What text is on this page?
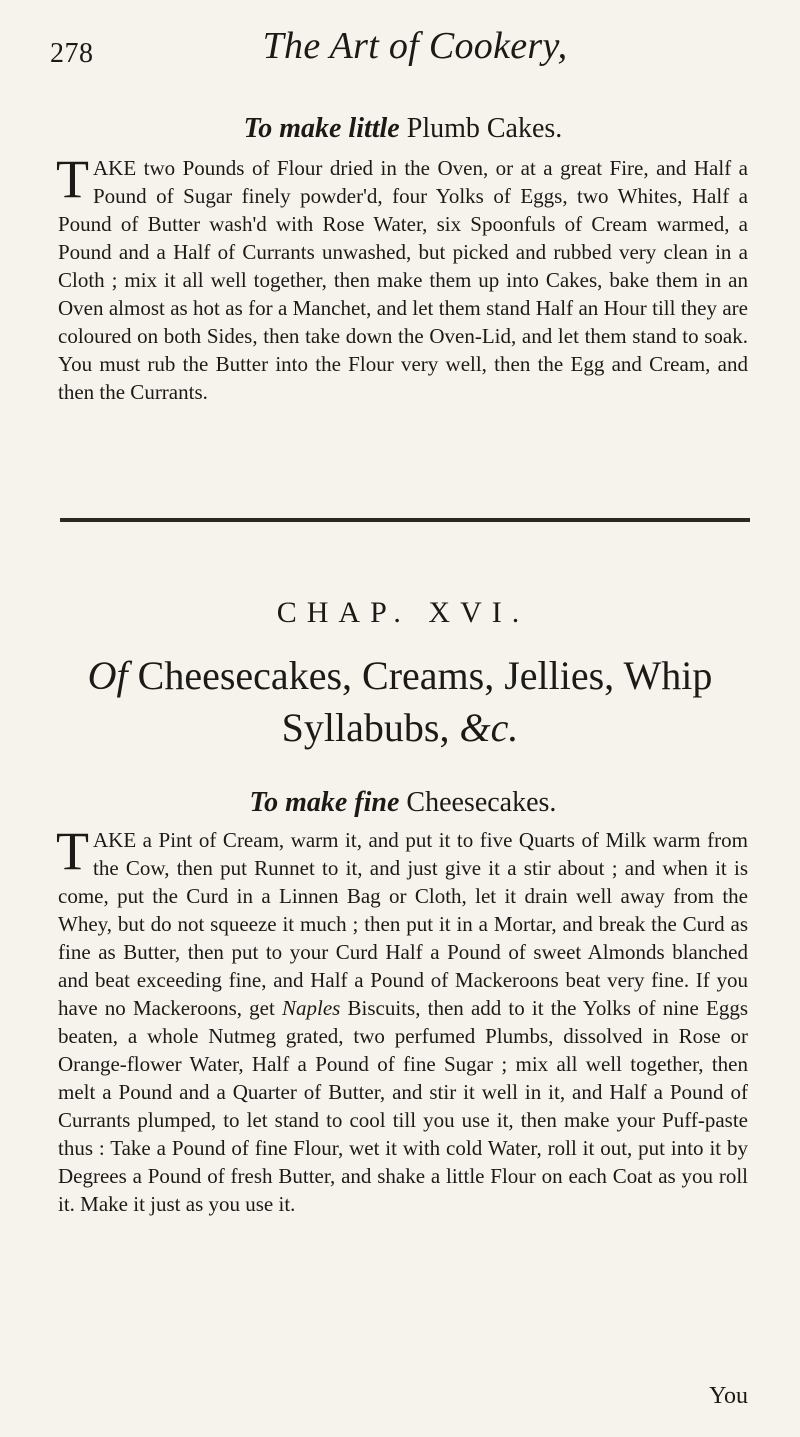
278	The Art of Cookery,
To make little Plumb Cakes.
TAKE two Pounds of Flour dried in the Oven, or at a great Fire, and Half a Pound of Sugar finely powder'd, four Yolks of Eggs, two Whites, Half a Pound of Butter wash'd with Rose Water, six Spoonfuls of Cream warmed, a Pound and a Half of Currants unwashed, but picked and rubbed very clean in a Cloth ; mix it all well together, then make them up into Cakes, bake them in an Oven almost as hot as for a Manchet, and let them stand Half an Hour till they are coloured on both Sides, then take down the Oven-Lid, and let them stand to soak. You must rub the Butter into the Flour very well, then the Egg and Cream, and then the Currants.
CHAP. XVI.
Of Cheesecakes, Creams, Jellies, Whip
Syllabubs, &c.
To make fine Cheesecakes.
TAKE a Pint of Cream, warm it, and put it to five Quarts of Milk warm from the Cow, then put Runnet to it, and just give it a stir about ; and when it is come, put the Curd in a Linnen Bag or Cloth, let it drain well away from the Whey, but do not squeeze it much ; then put it in a Mortar, and break the Curd as fine as Butter, then put to your Curd Half a Pound of sweet Almonds blanched and beat exceeding fine, and Half a Pound of Mackeroons beat very fine. If you have no Mackeroons, get Naples Biscuits, then add to it the Yolks of nine Eggs beaten, a whole Nutmeg grated, two perfumed Plumbs, dissolved in Rose or Orange-flower Water, Half a Pound of fine Sugar ; mix all well together, then melt a Pound and a Quarter of Butter, and stir it well in it, and Half a Pound of Currants plumped, to let stand to cool till you use it, then make your Puff-paste thus : Take a Pound of fine Flour, wet it with cold Water, roll it out, put into it by Degrees a Pound of fresh Butter, and shake a little Flour on each Coat as you roll it. Make it just as you use it.
You
